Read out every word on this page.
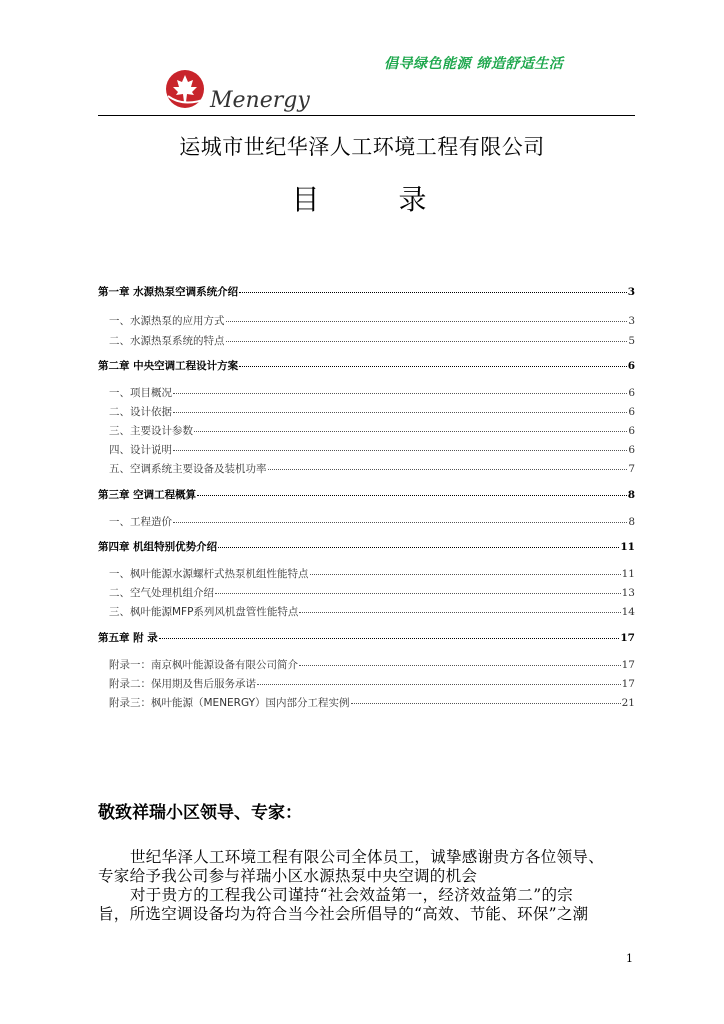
倡导绿色能源 缔造舒适生活
Menergy
运城市世纪华泽人工环境工程有限公司
目 录
第一章 水源热泵空调系统介绍	3
一、水源热泵的应用方式	3
二、水源热泵系统的特点	5
第二章 中央空调工程设计方案	6
一、项目概况	6
二、设计依据	6
三、主要设计参数	6
四、设计说明	6
五、空调系统主要设备及装机功率	7
第三章 空调工程概算	8
一、工程造价	8
第四章 机组特别优势介绍	11
一、枫叶能源水源螺杆式热泵机组性能特点	11
二、空气处理机组介绍	13
三、枫叶能源MFP系列风机盘管性能特点	14
第五章 附 录	17
附录一：南京枫叶能源设备有限公司简介	17
附录二：保用期及售后服务承诺	17
附录三：枫叶能源（MENERGY）国内部分工程实例	21
敬致祥瑞小区领导、专家：

世纪华泽人工环境工程有限公司全体员工，诚挚感谢贵方各位领导、

专家给予我公司参与祥瑞小区水源热泵中央空调的机会

对于贵方的工程我公司谨持“社会效益第一，经济效益第二”的宗

旨，所选空调设备均为符合当今社会所倡导的“高效、节能、环保”之潮

1
